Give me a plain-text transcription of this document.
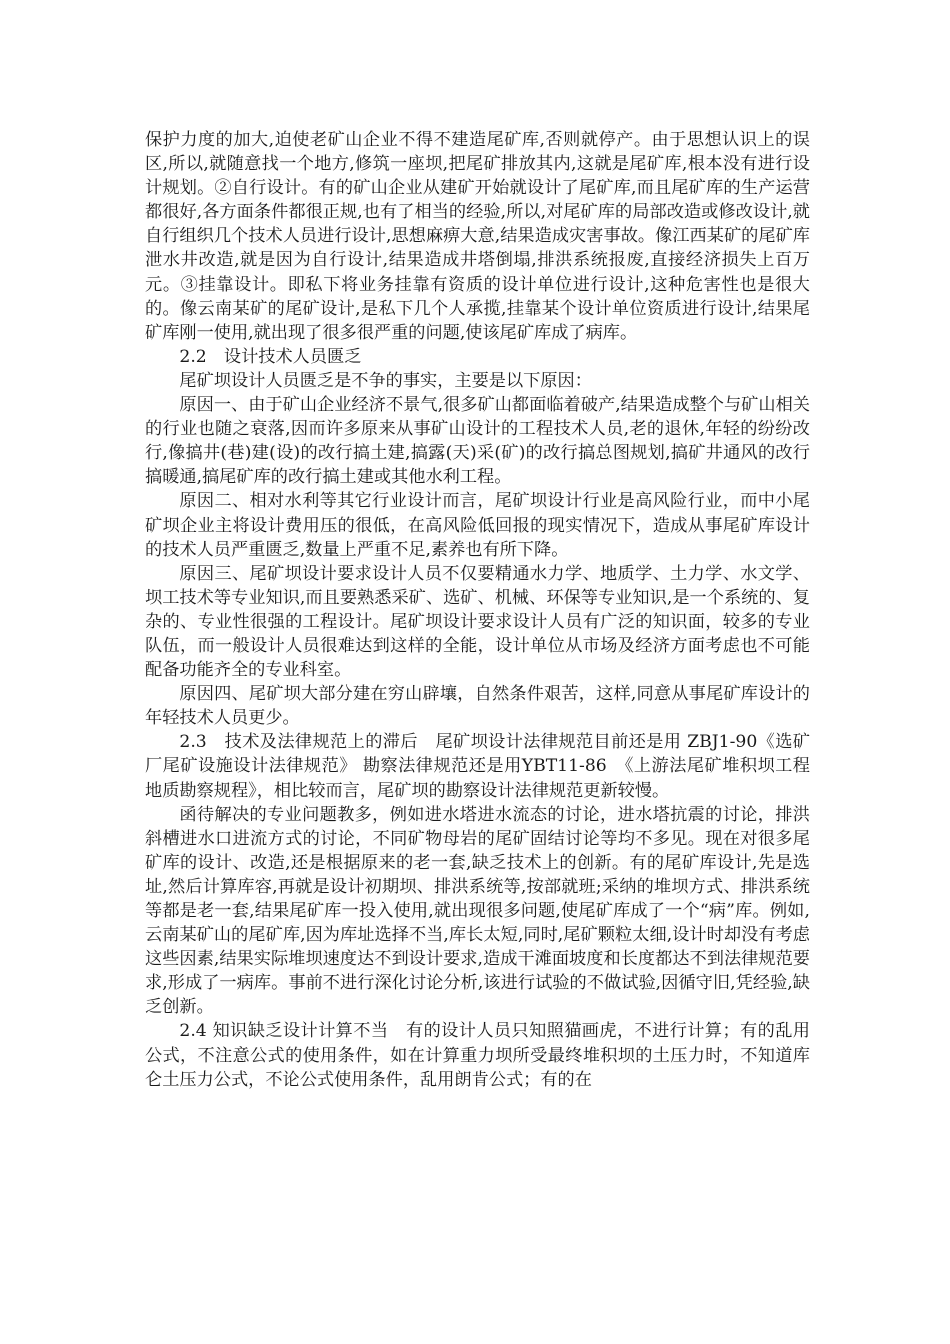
保护力度的加大,迫使老矿山企业不得不建造尾矿库,否则就停产。由于思想认识上的误区,所以,就随意找一个地方,修筑一座坝,把尾矿排放其内,这就是尾矿库,根本没有进行设计规划。②自行设计。有的矿山企业从建矿开始就设计了尾矿库,而且尾矿库的生产运营都很好,各方面条件都很正规,也有了相当的经验,所以,对尾矿库的局部改造或修改设计,就自行组织几个技术人员进行设计,思想麻痹大意,结果造成灾害事故。像江西某矿的尾矿库泄水井改造,就是因为自行设计,结果造成井塔倒塌,排洪系统报废,直接经济损失上百万元。③挂靠设计。即私下将业务挂靠有资质的设计单位进行设计,这种危害性也是很大的。像云南某矿的尾矿设计,是私下几个人承揽,挂靠某个设计单位资质进行设计,结果尾矿库刚一使用,就出现了很多很严重的问题,使该尾矿库成了病库。

2.2　设计技术人员匮乏

尾矿坝设计人员匮乏是不争的事实，主要是以下原因：

原因一、由于矿山企业经济不景气,很多矿山都面临着破产,结果造成整个与矿山相关的行业也随之衰落,因而许多原来从事矿山设计的工程技术人员,老的退休,年轻的纷纷改行,像搞井(巷)建(设)的改行搞土建,搞露(天)采(矿)的改行搞总图规划,搞矿井通风的改行搞暖通,搞尾矿库的改行搞土建或其他水利工程。

原因二、相对水利等其它行业设计而言，尾矿坝设计行业是高风险行业，而中小尾矿坝企业主将设计费用压的很低，在高风险低回报的现实情况下，造成从事尾矿库设计的技术人员严重匮乏,数量上严重不足,素养也有所下降。

原因三、尾矿坝设计要求设计人员不仅要精通水力学、地质学、土力学、水文学、坝工技术等专业知识,而且要熟悉采矿、选矿、机械、环保等专业知识,是一个系统的、复杂的、专业性很强的工程设计。尾矿坝设计要求设计人员有广泛的知识面，较多的专业队伍，而一般设计人员很难达到这样的全能，设计单位从市场及经济方面考虑也不可能配备功能齐全的专业科室。

原因四、尾矿坝大部分建在穷山辟壤，自然条件艰苦，这样,同意从事尾矿库设计的年轻技术人员更少。

2.3　技术及法律规范上的滞后　尾矿坝设计法律规范目前还是用 ZBJ1-90《选矿厂尾矿设施设计法律规范》 勘察法律规范还是用YBT11-86　《上游法尾矿堆积坝工程地质勘察规程》，相比较而言，尾矿坝的勘察设计法律规范更新较慢。

函待解决的专业问题教多，例如进水塔进水流态的讨论，进水塔抗震的讨论，排洪斜槽进水口进流方式的讨论，不同矿物母岩的尾矿固结讨论等均不多见。现在对很多尾矿库的设计、改造,还是根据原来的老一套,缺乏技术上的创新。有的尾矿库设计,先是选址,然后计算库容,再就是设计初期坝、排洪系统等,按部就班;采纳的堆坝方式、排洪系统等都是老一套,结果尾矿库一投入使用,就出现很多问题,使尾矿库成了一个“病”库。例如,云南某矿山的尾矿库,因为库址选择不当,库长太短,同时,尾矿颗粒太细,设计时却没有考虑这些因素,结果实际堆坝速度达不到设计要求,造成干滩面坡度和长度都达不到法律规范要求,形成了一病库。事前不进行深化讨论分析,该进行试验的不做试验,因循守旧,凭经验,缺乏创新。

2.4 知识缺乏设计计算不当　有的设计人员只知照猫画虎，不进行计算；有的乱用公式，不注意公式的使用条件，如在计算重力坝所受最终堆积坝的土压力时，不知道库仑土压力公式，不论公式使用条件，乱用朗肯公式；有的在
